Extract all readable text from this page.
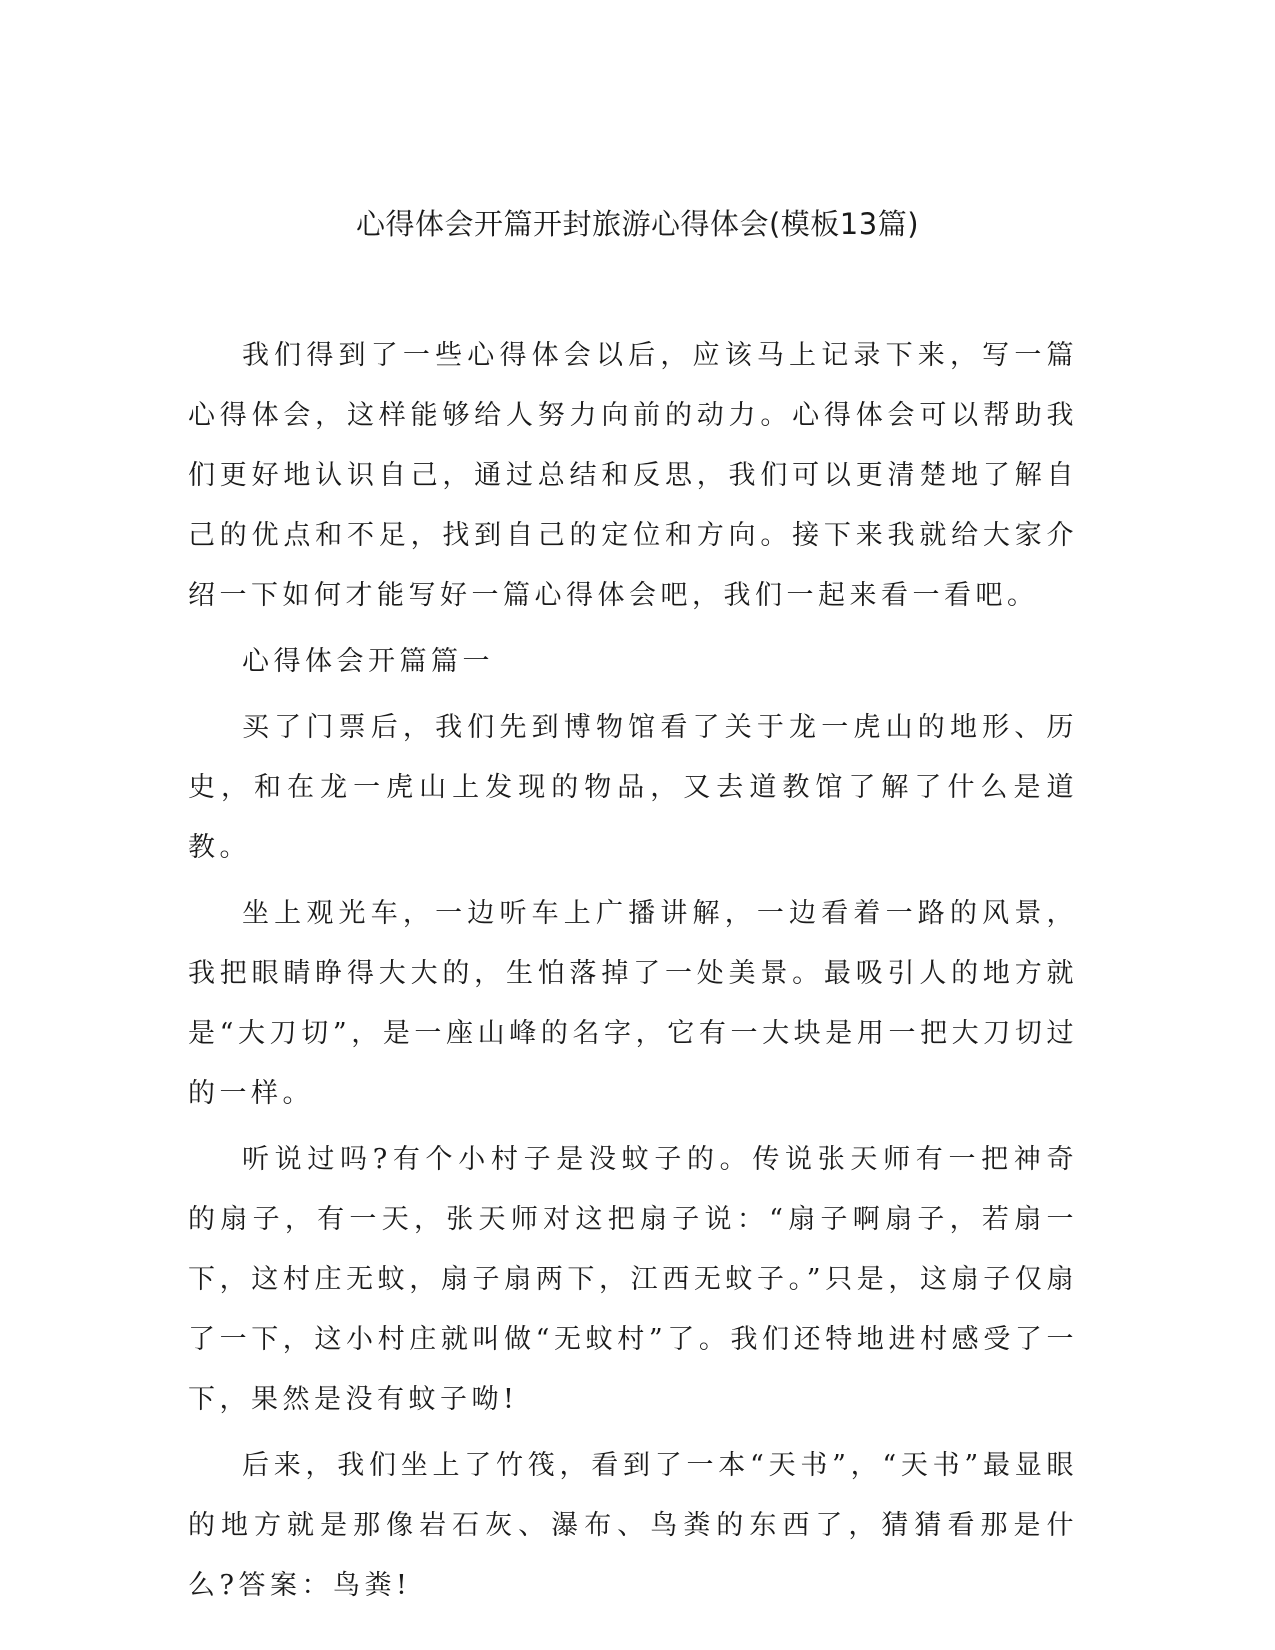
心得体会开篇开封旅游心得体会(模板13篇)

我们得到了一些心得体会以后，应该马上记录下来，写一篇心得体会，这样能够给人努力向前的动力。心得体会可以帮助我们更好地认识自己，通过总结和反思，我们可以更清楚地了解自己的优点和不足，找到自己的定位和方向。接下来我就给大家介绍一下如何才能写好一篇心得体会吧，我们一起来看一看吧。

心得体会开篇篇一

买了门票后，我们先到博物馆看了关于龙一虎山的地形、历史，和在龙一虎山上发现的物品，又去道教馆了解了什么是道教。

坐上观光车，一边听车上广播讲解，一边看着一路的风景，我把眼睛睁得大大的，生怕落掉了一处美景。最吸引人的地方就是“大刀切”，是一座山峰的名字，它有一大块是用一把大刀切过的一样。

听说过吗?有个小村子是没蚊子的。传说张天师有一把神奇的扇子，有一天，张天师对这把扇子说：“扇子啊扇子，若扇一下，这村庄无蚊，扇子扇两下，江西无蚊子。”只是，这扇子仅扇了一下，这小村庄就叫做“无蚊村”了。我们还特地进村感受了一下，果然是没有蚊子呦!

后来，我们坐上了竹筏，看到了一本“天书”，“天书”最显眼的地方就是那像岩石灰、瀑布、鸟粪的东西了，猜猜看那是什么?答案：鸟粪!
